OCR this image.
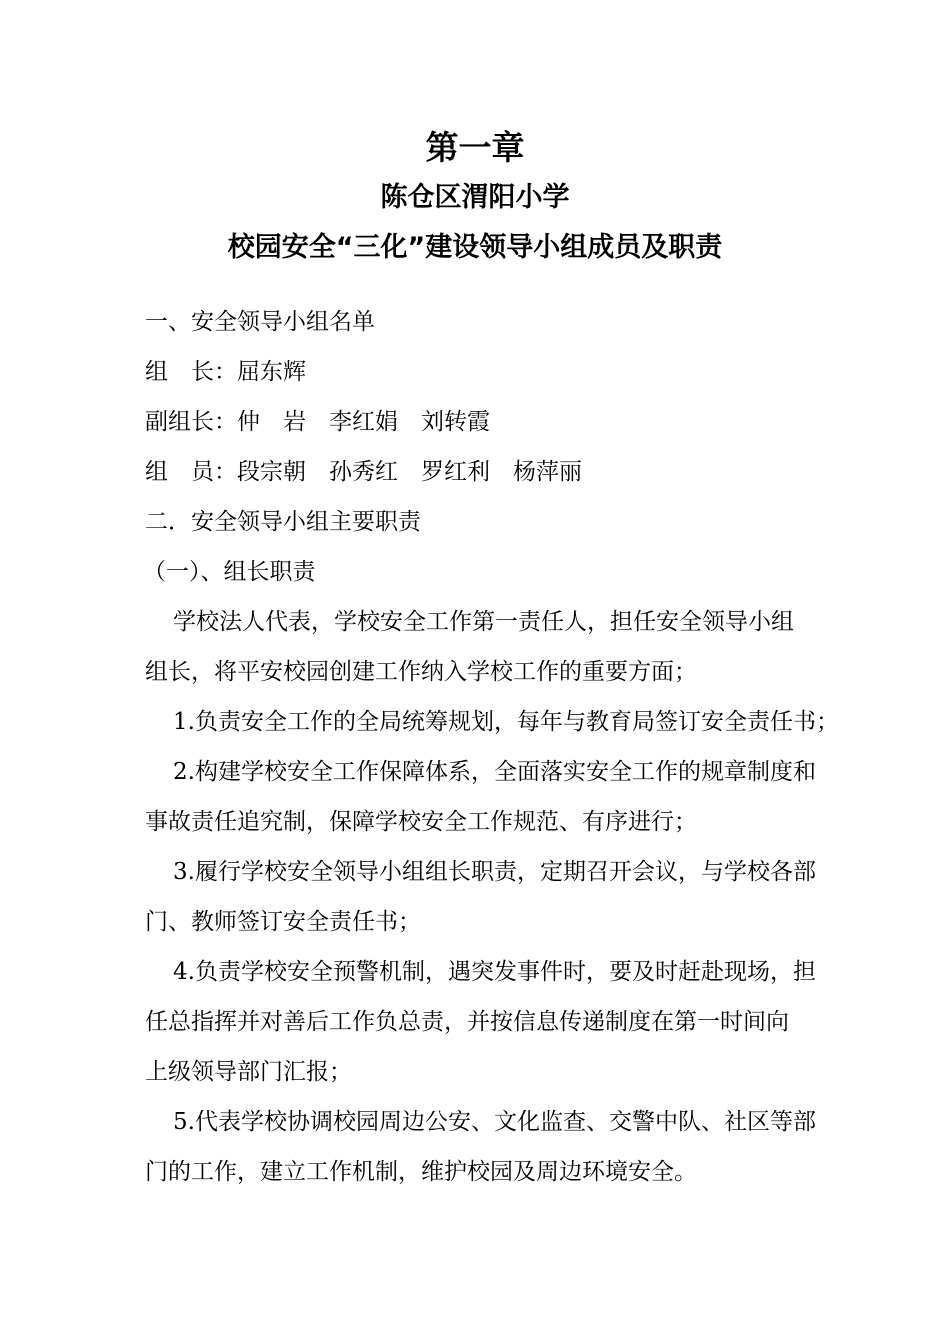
第一章
陈仓区渭阳小学
校园安全“三化”建设领导小组成员及职责
一、安全领导小组名单
组　长：屈东辉
副组长：仲　岩　李红娟　刘转霞
组　员：段宗朝　孙秀红　罗红利　杨萍丽
二．安全领导小组主要职责
（一）、组长职责
　学校法人代表，学校安全工作第一责任人，担任安全领导小组
组长，将平安校园创建工作纳入学校工作的重要方面；
　1.负责安全工作的全局统筹规划，每年与教育局签订安全责任书；
　2.构建学校安全工作保障体系，全面落实安全工作的规章制度和
事故责任追究制，保障学校安全工作规范、有序进行；
　3.履行学校安全领导小组组长职责，定期召开会议，与学校各部
门、教师签订安全责任书；
　4.负责学校安全预警机制，遇突发事件时，要及时赶赴现场，担
任总指挥并对善后工作负总责，并按信息传递制度在第一时间向
上级领导部门汇报；
　5.代表学校协调校园周边公安、文化监查、交警中队、社区等部
门的工作，建立工作机制，维护校园及周边环境安全。
